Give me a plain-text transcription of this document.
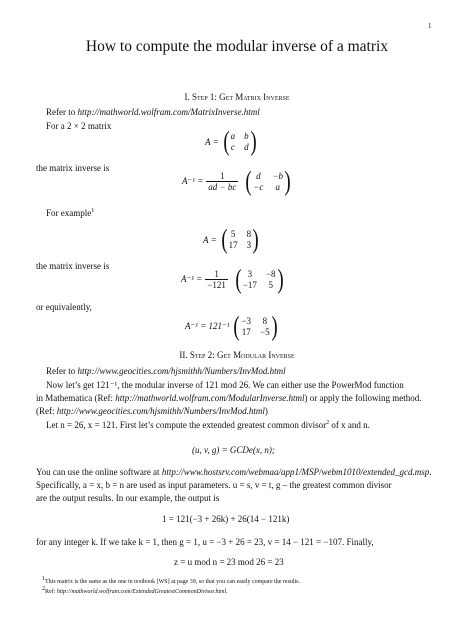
1
How to compute the modular inverse of a matrix
I. Step 1: Get Matrix Inverse
Refer to http://mathworld.wolfram.com/MatrixInverse.html
For a 2 × 2 matrix
A = ( a b
c d )
the matrix inverse is
$A^{-1} = \frac{1}{ad - bc}$ ( d	−b
−c	a )
For example$^1$
A = ( 5 8
17 3 )
the matrix inverse is
$A^{-1} = \frac{1}{-121}$ ( 3	−8
−17 5 )
or equivalently,
A⁻¹ = 121⁻¹ ( −3 8
17 −5 )
II. Step 2: Get Modular Inverse
Refer to http://www.geocities.com/hjsmithh/Numbers/InvMod.html
Now let’s get 121⁻¹, the modular inverse of 121 mod 26. We can either use the PowerMod function
in Mathematica (Ref: http://mathworld.wolfram.com/ModularInverse.html) or apply the following method.
(Ref: http://www.geocities.com/hjsmithh/Numbers/InvMod.html)
Let n = 26, x = 121. First let’s compute the extended greatest common divisor$^2$ of x and n.
(u, v, g) = GCDe(x, n);
You can use the online software at http://www.hostsrv.com/webmaa/app1/MSP/webm1010/extended_gcd.msp.
Specifically, a = x, b = n are used as input parameters. u = s, v = t, g – the greatest common divisor
are the output results. In our example, the output is
1 = 121(−3 + 26k) + 26(14 − 121k)
for any integer k. If we take k = 1, then g = 1, u = −3 + 26 = 23, v = 14 − 121 = −107. Finally,
z = u mod n = 23 mod 26 = 23
$^1$This matrix is the same as the one in textbook [WS] at page 39, so that you can easily compare the results.
$^2$Ref: http://mathworld.wolfram.com/ExtendedGreatestCommonDivisor.html.
